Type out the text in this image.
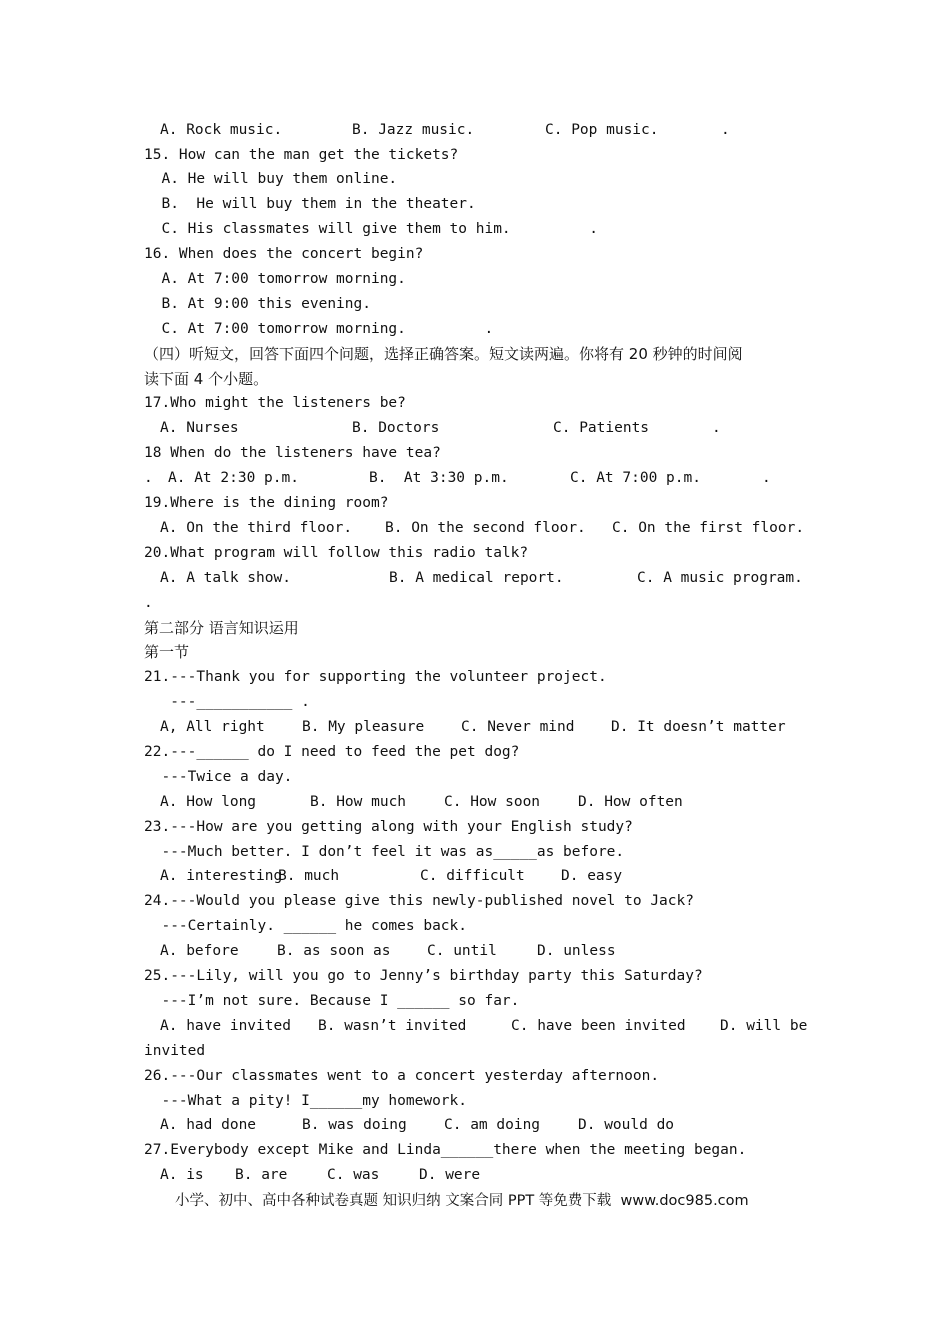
A. Rock music.	B. Jazz music.	C. Pop music.	.
15. How can the man get the tickets?
A. He will buy them online.
B.  He will buy them in the theater.
C. His classmates will give them to him.         .
16. When does the concert begin?
A. At 7:00 tomorrow morning.
B. At 9:00 this evening.
C. At 7:00 tomorrow morning.         .
（四）听短文，回答下面四个问题，选择正确答案。短文读两遍。你将有 20 秒钟的时间阅
读下面 4 个小题。
17.Who might the listeners be?
A. Nurses	B. Doctors	C. Patients	.
18 When do the listeners have tea?
. A. At 2:30 p.m.	B.  At 3:30 p.m.	C. At 7:00 p.m.	.
19.Where is the dining room?
A. On the third floor. B. On the second floor. C. On the first floor.
20.What program will follow this radio talk?
A. A talk show.	B. A medical report.	C. A music program.
.
第二部分 语言知识运用
第一节
21.---Thank you for supporting the volunteer project.
---___________ .
A, All right	B. My pleasure	C. Never mind	D. It doesn’t matter
22.---______ do I need to feed the pet dog?
---Twice a day.
A. How long	B. How much	C. How soon	D. How often
23.---How are you getting along with your English study?
---Much better. I don’t feel it was as_____as before.
A. interesting
B. much	C. difficult D. easy
24.---Would you please give this newly-published novel to Jack?
---Certainly. ______ he comes back.
A. before	B. as soon as	C. until	D. unless
25.---Lily, will you go to Jenny’s birthday party this Saturday?
---I’m not sure. Because I ______ so far.
A. have invited B. wasn’t invited	C. have been invited D. will be
invited
26.---Our classmates went to a concert yesterday afternoon.
---What a pity! I______my homework.
A. had done	B. was doing	C. am doing	D. would do
27.Everybody except Mike and Linda______there when the meeting began.
A. is B. are	C. was	D. were
小学、初中、高中各种试卷真题 知识归纳 文案合同 PPT 等免费下载  www.doc985.com
